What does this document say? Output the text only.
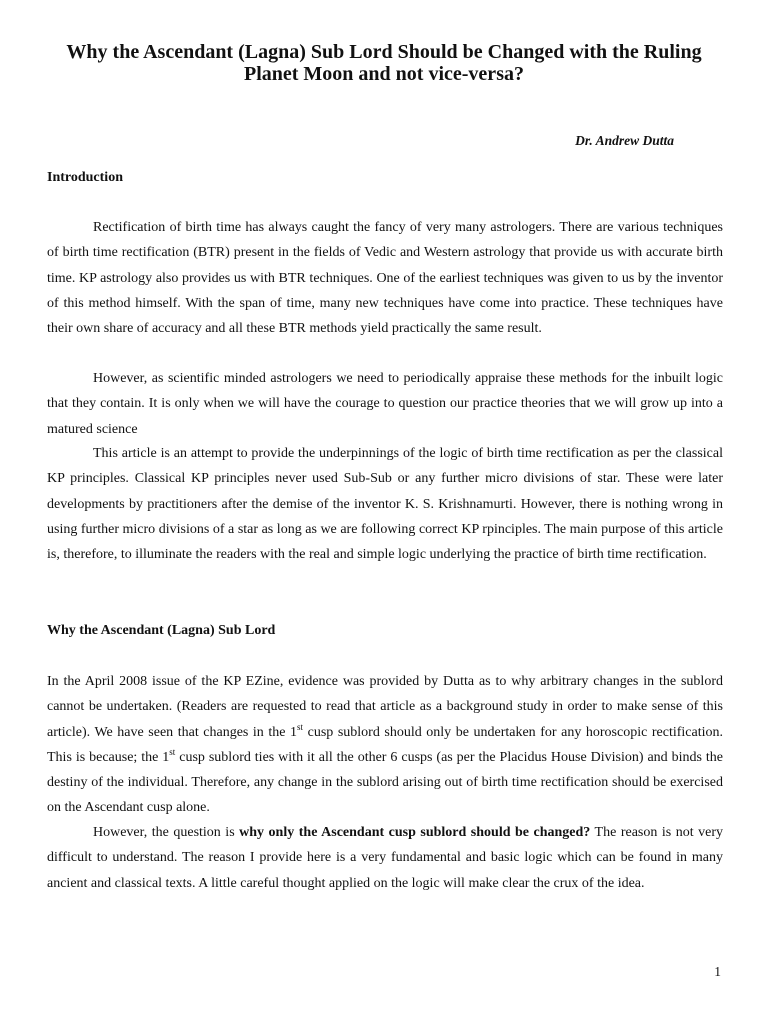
Why the Ascendant (Lagna) Sub Lord Should be Changed with the Ruling Planet Moon and not vice-versa?

Dr. Andrew Dutta

Introduction

Rectification of birth time has always caught the fancy of very many astrologers. There are various techniques of birth time rectification (BTR) present in the fields of Vedic and Western astrology that provide us with accurate birth time. KP astrology also provides us with BTR techniques. One of the earliest techniques was given to us by the inventor of this method himself. With the span of time, many new techniques have come into practice. These techniques have their own share of accuracy and all these BTR methods yield practically the same result.

However, as scientific minded astrologers we need to periodically appraise these methods for the inbuilt logic that they contain. It is only when we will have the courage to question our practice theories that we will grow up into a matured science

This article is an attempt to provide the underpinnings of the logic of birth time rectification as per the classical KP principles. Classical KP principles never used Sub-Sub or any further micro divisions of star. These were later developments by practitioners after the demise of the inventor K. S. Krishnamurti. However, there is nothing wrong in using further micro divisions of a star as long as we are following correct KP rpinciples. The main purpose of this article is, therefore, to illuminate the readers with the real and simple logic underlying the practice of birth time rectification.

Why the Ascendant (Lagna) Sub Lord

In the April 2008 issue of the KP EZine, evidence was provided by Dutta as to why arbitrary changes in the sublord cannot be undertaken. (Readers are requested to read that article as a background study in order to make sense of this article). We have seen that changes in the 1st cusp sublord should only be undertaken for any horoscopic rectification. This is because; the 1st cusp sublord ties with it all the other 6 cusps (as per the Placidus House Division) and binds the destiny of the individual. Therefore, any change in the sublord arising out of birth time rectification should be exercised on the Ascendant cusp alone.

However, the question is why only the Ascendant cusp sublord should be changed? The reason is not very difficult to understand. The reason I provide here is a very fundamental and basic logic which can be found in many ancient and classical texts. A little careful thought applied on the logic will make clear the crux of the idea.

1
